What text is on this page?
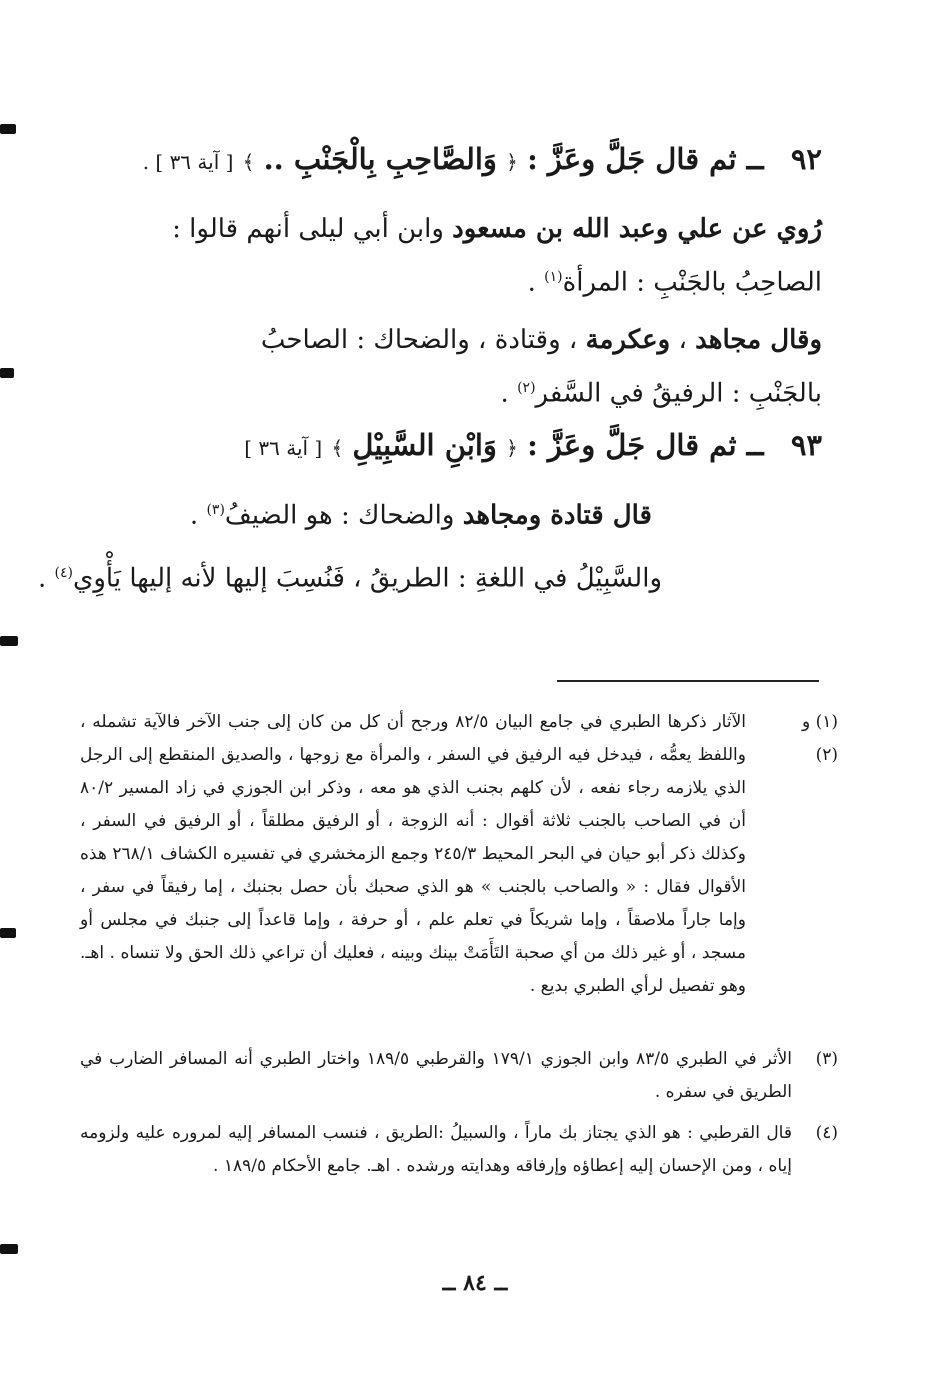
٩٢ ــ ثم قال جَلَّ وعَزَّ : ﴿ وَالصَّاحِبِ بِالْجَنْبِ .. ﴾ [ آية ٣٦ ] .
رُوي عن علي وعبد الله بن مسعود وابن أبي ليلى أنهم قالوا :
الصاحِبُ بالجَنْبِ : المرأة$^{(١)}$ .
وقال مجاهد ، وعكرمة ، وقتادة ، والضحاك : الصاحبُ
بالجَنْبِ : الرفيقُ في السَّفر$^{(٢)}$ .
٩٣ ــ ثم قال جَلَّ وعَزَّ : ﴿ وَابْنِ السَّبِيْلِ ﴾ [ آية ٣٦ ]
قال قتادة ومجاهد والضحاك : هو الضيفُ$^{(٣)}$ .
والسَّبِيْلُ في اللغةِ : الطريقُ ، فَنُسِبَ إليها لأنه إليها يَأْوِي$^{(٤)}$ .
(١) و (٢)
الآثار ذكرها الطبري في جامع البيان ٨٢/٥ ورجح أن كل من كان إلى جنب الآخر فالآية تشمله ، واللفظ يعمُّه ، فيدخل فيه الرفيق في السفر ، والمرأة مع زوجها ، والصديق المنقطع إلى الرجل الذي يلازمه رجاء نفعه ، لأن كلهم بجنب الذي هو معه ، وذكر ابن الجوزي في زاد المسير ٨٠/٢ أن في الصاحب بالجنب ثلاثة أقوال : أنه الزوجة ، أو الرفيق مطلقاً ، أو الرفيق في السفر ، وكذلك ذكر أبو حيان في البحر المحيط ٢٤٥/٣ وجمع الزمخشري في تفسيره الكشاف ٢٦٨/١ هذه الأقوال فقال : « والصاحب بالجنب » هو الذي صحبك بأن حصل بجنبك ، إما رفيقاً في سفر ، وإما جاراً ملاصقاً ، وإما شريكاً في تعلم علم ، أو حرفة ، وإما قاعداً إلى جنبك في مجلس أو مسجد ، أو غير ذلك من أي صحبة التَأَمَتْ بينك وبينه ، فعليك أن تراعي ذلك الحق ولا تنساه . اهـ. وهو تفصيل لرأي الطبري بديع .
(٣)
الأثر في الطبري ٨٣/٥ وابن الجوزي ١٧٩/١ والقرطبي ١٨٩/٥ واختار الطبري أنه المسافر الضارب في الطريق في سفره .
(٤)
قال القرطبي : هو الذي يجتاز بك ماراً ، والسبيلُ :الطريق ، فنسب المسافر إليه لمروره عليه ولزومه إياه ، ومن الإحسان إليه إعطاؤه وإرفاقه وهدايته ورشده . اهـ. جامع الأحكام ١٨٩/٥ .
ــ ٨٤ ــ
